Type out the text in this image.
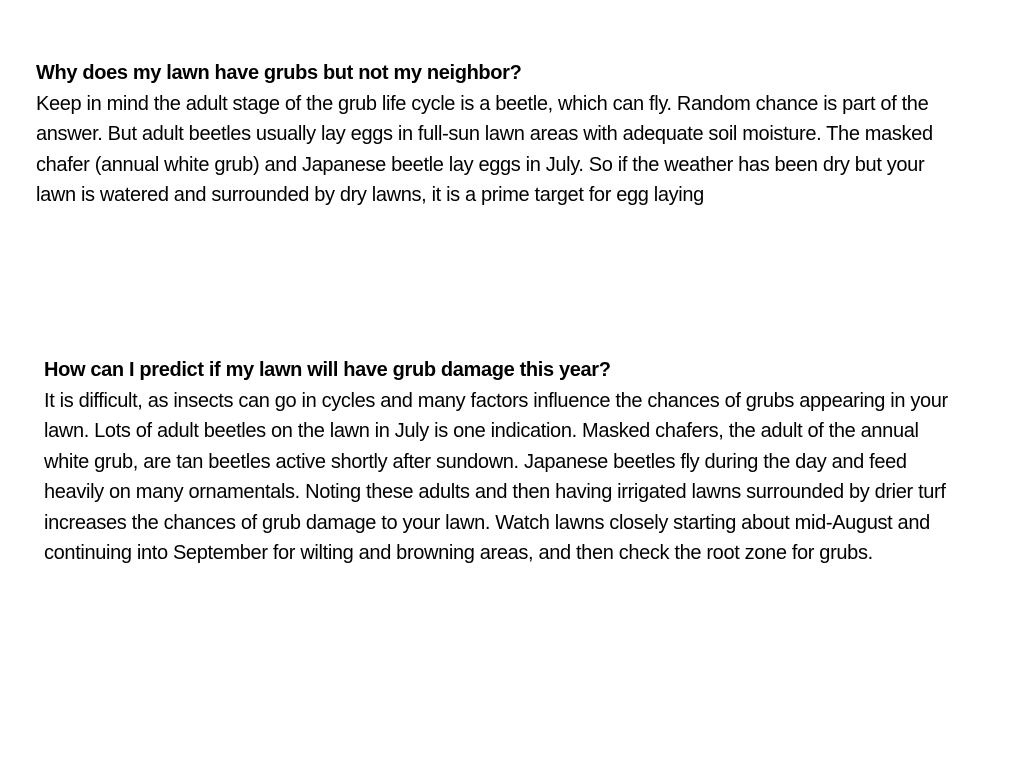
Why does my lawn have grubs but not my neighbor?

Keep in mind the adult stage of the grub life cycle is a beetle, which can fly. Random chance is part of the answer. But adult beetles usually lay eggs in full-sun lawn areas with adequate soil moisture. The masked chafer (annual white grub) and Japanese beetle lay eggs in July. So if the weather has been dry but your lawn is watered and surrounded by dry lawns, it is a prime target for egg laying

How can I predict if my lawn will have grub damage this year?

It is difficult, as insects can go in cycles and many factors influence the chances of grubs appearing in your lawn. Lots of adult beetles on the lawn in July is one indication. Masked chafers, the adult of the annual white grub, are tan beetles active shortly after sundown. Japanese beetles fly during the day and feed heavily on many ornamentals. Noting these adults and then having irrigated lawns surrounded by drier turf increases the chances of grub damage to your lawn. Watch lawns closely starting about mid-August and continuing into September for wilting and browning areas, and then check the root zone for grubs.
